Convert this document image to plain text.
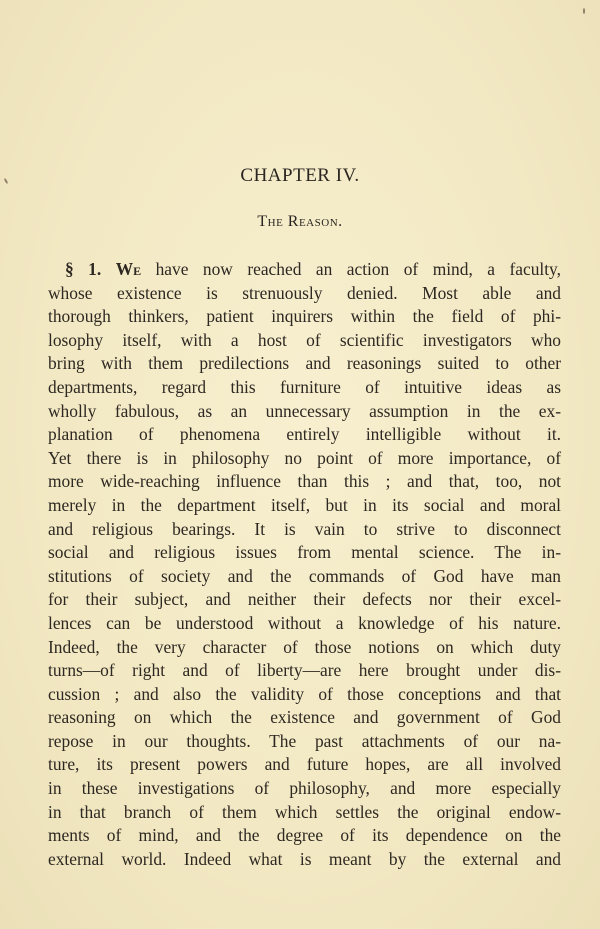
CHAPTER IV.
The Reason.
§ 1. We have now reached an action of mind, a faculty,
whose existence is strenuously denied. Most able and
thorough thinkers, patient inquirers within the field of phi-
losophy itself, with a host of scientific investigators who
bring with them predilections and reasonings suited to other
departments, regard this furniture of intuitive ideas as
wholly fabulous, as an unnecessary assumption in the ex-
planation of phenomena entirely intelligible without it.
Yet there is in philosophy no point of more importance, of
more wide-reaching influence than this ; and that, too, not
merely in the department itself, but in its social and moral
and religious bearings. It is vain to strive to disconnect
social and religious issues from mental science. The in-
stitutions of society and the commands of God have man
for their subject, and neither their defects nor their excel-
lences can be understood without a knowledge of his nature.
Indeed, the very character of those notions on which duty
turns—of right and of liberty—are here brought under dis-
cussion ; and also the validity of those conceptions and that
reasoning on which the existence and government of God
repose in our thoughts. The past attachments of our na-
ture, its present powers and future hopes, are all involved
in these investigations of philosophy, and more especially
in that branch of them which settles the original endow-
ments of mind, and the degree of its dependence on the
external world. Indeed what is meant by the external and
